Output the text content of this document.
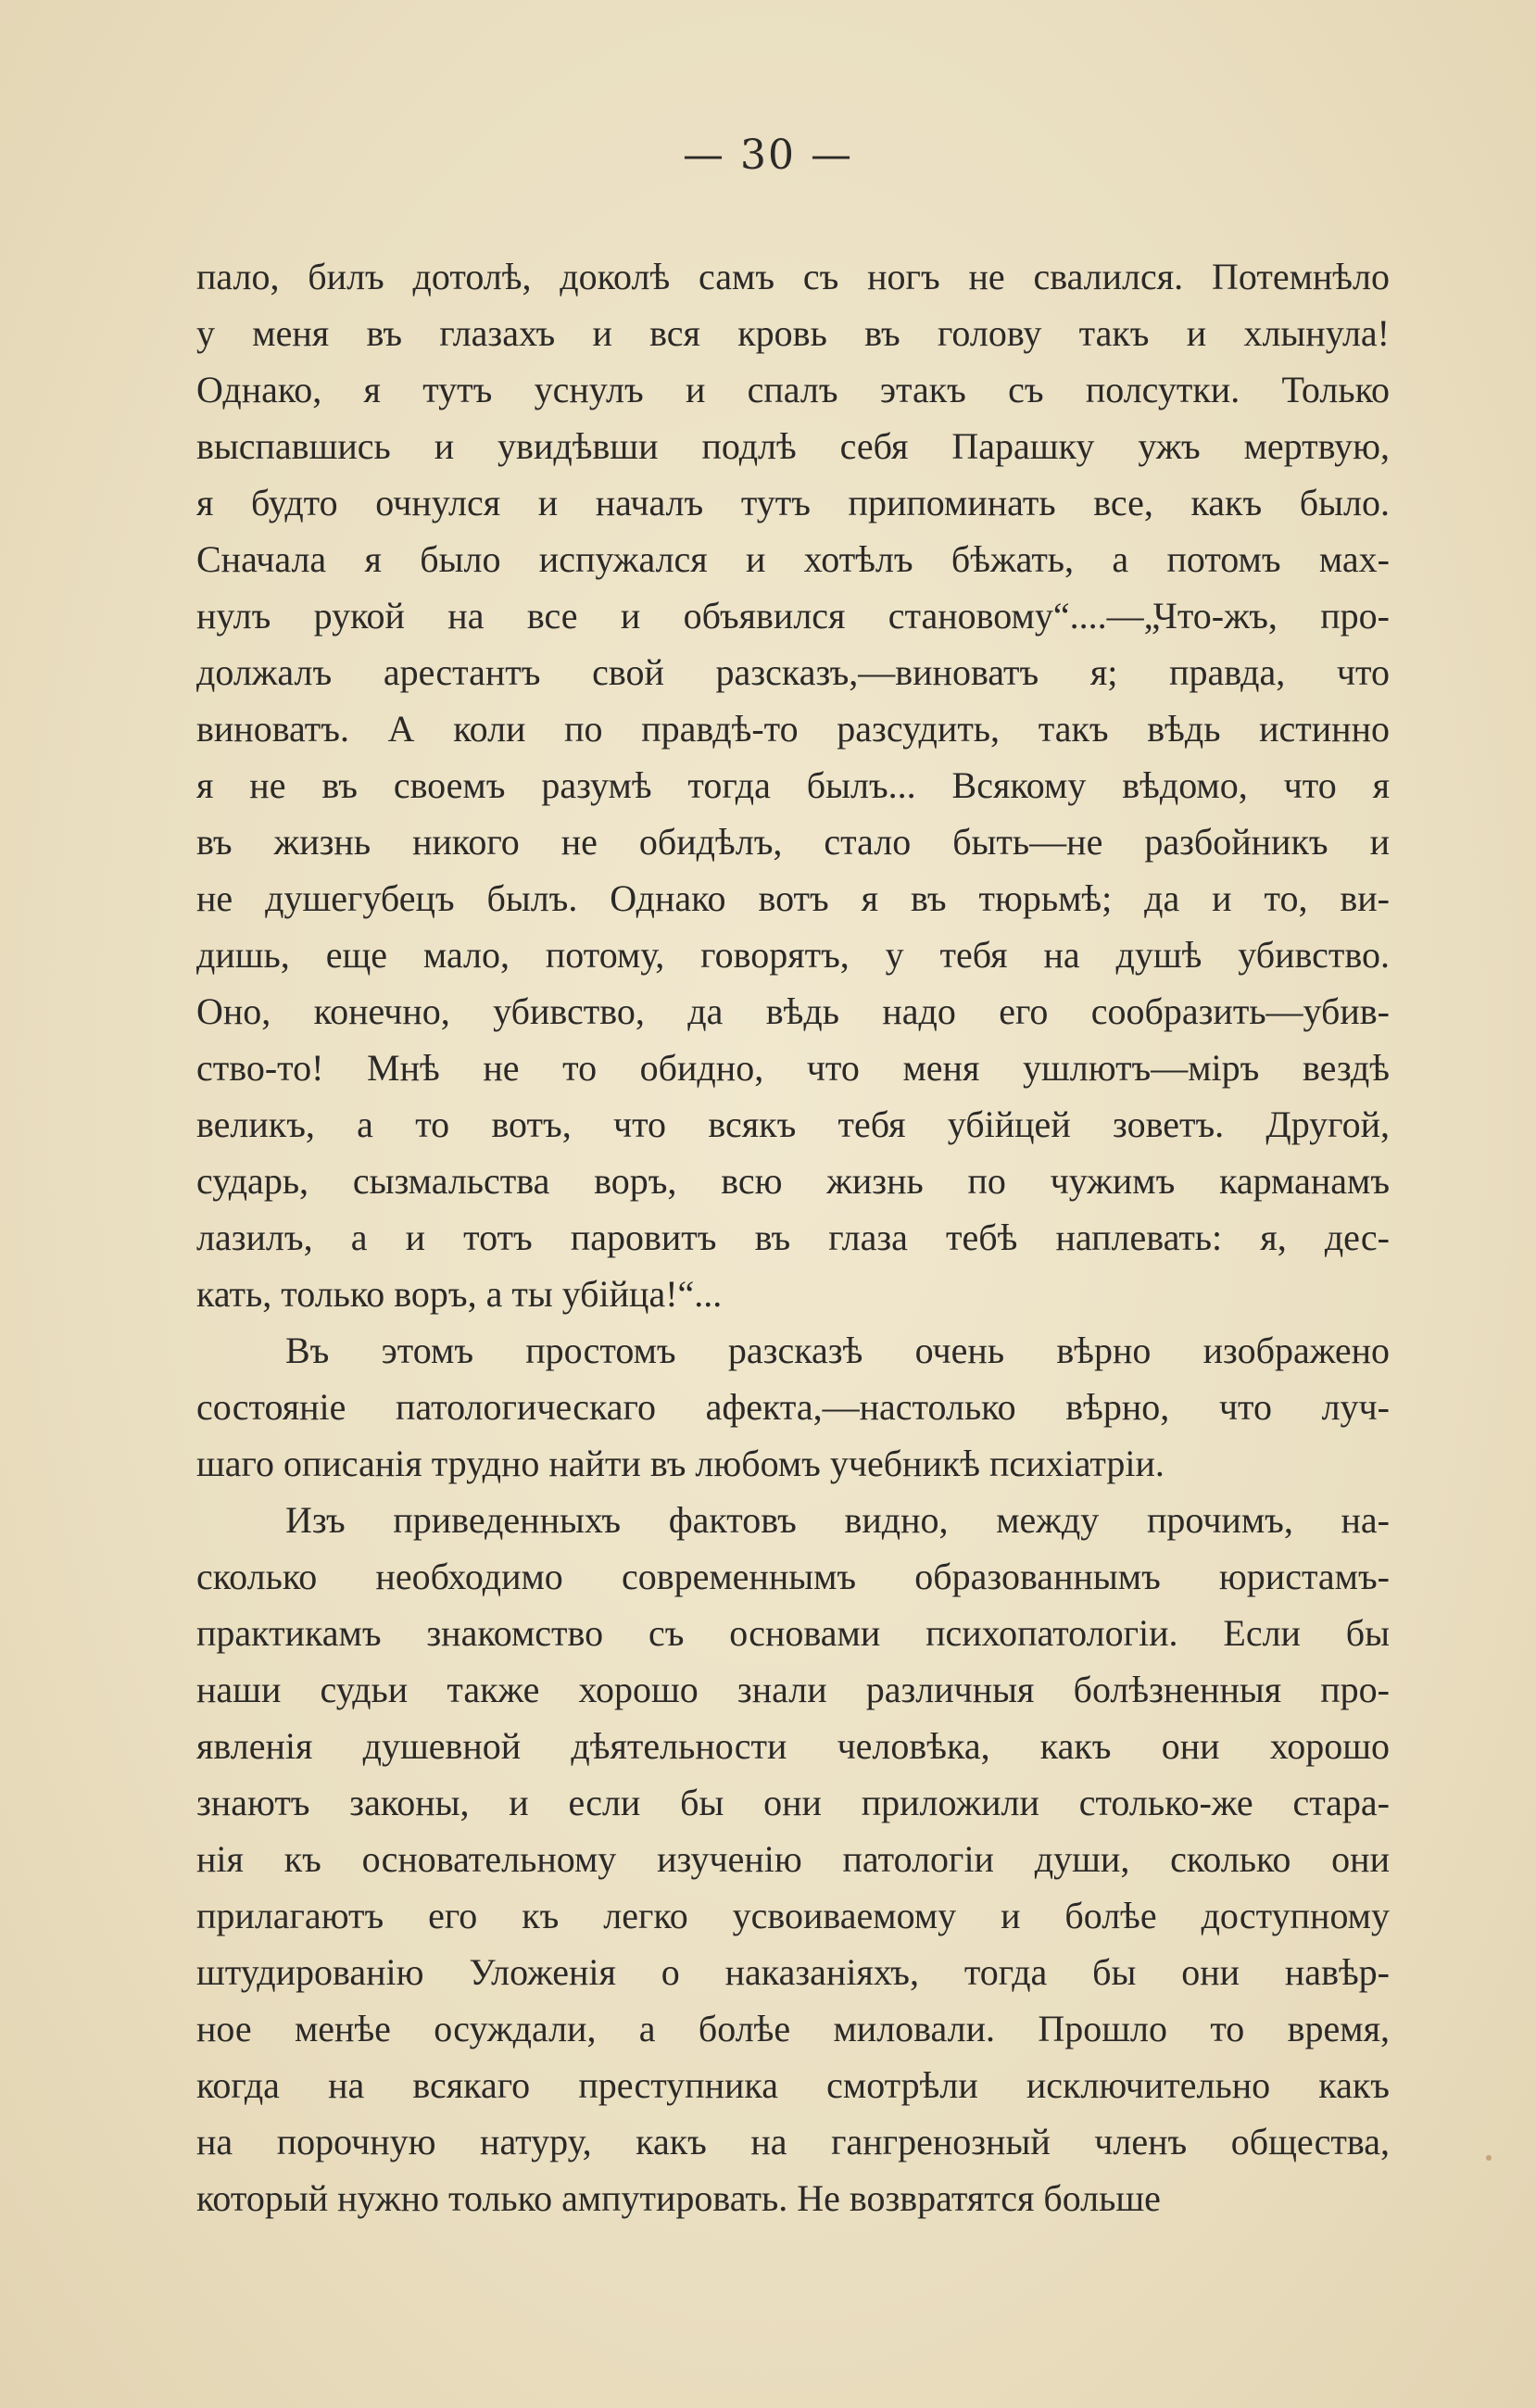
— 30 —
пало, билъ дотолѣ, доколѣ самъ съ ногъ не свалился. Потемнѣло
у меня въ глазахъ и вся кровь въ голову такъ и хлынула!
Однако, я тутъ уснулъ и спалъ этакъ съ полсутки. Только
выспавшись и увидѣвши подлѣ себя Парашку ужъ мертвую,
я будто очнулся и началъ тутъ припоминать все, какъ было.
Сначала я было испужался и хотѣлъ бѣжать, а потомъ мах-
нулъ рукой на все и объявился становому“....—„Что-жъ, про-
должалъ арестантъ свой разсказъ,—виноватъ я; правда, что
виноватъ. А коли по правдѣ-то разсудить, такъ вѣдь истинно
я не въ своемъ разумѣ тогда былъ... Всякому вѣдомо, что я
въ жизнь никого не обидѣлъ, стало быть—не разбойникъ и
не душегубецъ былъ. Однако вотъ я въ тюрьмѣ; да и то, ви-
дишь, еще мало, потому, говорятъ, у тебя на душѣ убивство.
Оно, конечно, убивство, да вѣдь надо его сообразить—убив-
ство-то! Мнѣ не то обидно, что меня ушлютъ—міръ вездѣ
великъ, а то вотъ, что всякъ тебя убійцей зоветъ. Другой,
сударь, сызмальства воръ, всю жизнь по чужимъ карманамъ
лазилъ, а и тотъ паровитъ въ глаза тебѣ наплевать: я, дес-
кать, только воръ, а ты убійца!“...
Въ этомъ простомъ разсказѣ очень вѣрно изображено
состояніе патологическаго афекта,—настолько вѣрно, что луч-
шаго описанія трудно найти въ любомъ учебникѣ психіатріи.
Изъ приведенныхъ фактовъ видно, между прочимъ, на-
сколько необходимо современнымъ образованнымъ юристамъ-
практикамъ знакомство съ основами психопатологіи. Если бы
наши судьи также хорошо знали различныя болѣзненныя про-
явленія душевной дѣятельности человѣка, какъ они хорошо
знаютъ законы, и если бы они приложили столько-же стара-
нія къ основательному изученію патологіи души, сколько они
прилагаютъ его къ легко усвоиваемому и болѣе доступному
штудированію Уложенія о наказаніяхъ, тогда бы они навѣр-
ное менѣе осуждали, а болѣе миловали. Прошло то время,
когда на всякаго преступника смотрѣли исключительно какъ
на порочную натуру, какъ на гангренозный членъ общества,
который нужно только ампутировать. Не возвратятся больше
